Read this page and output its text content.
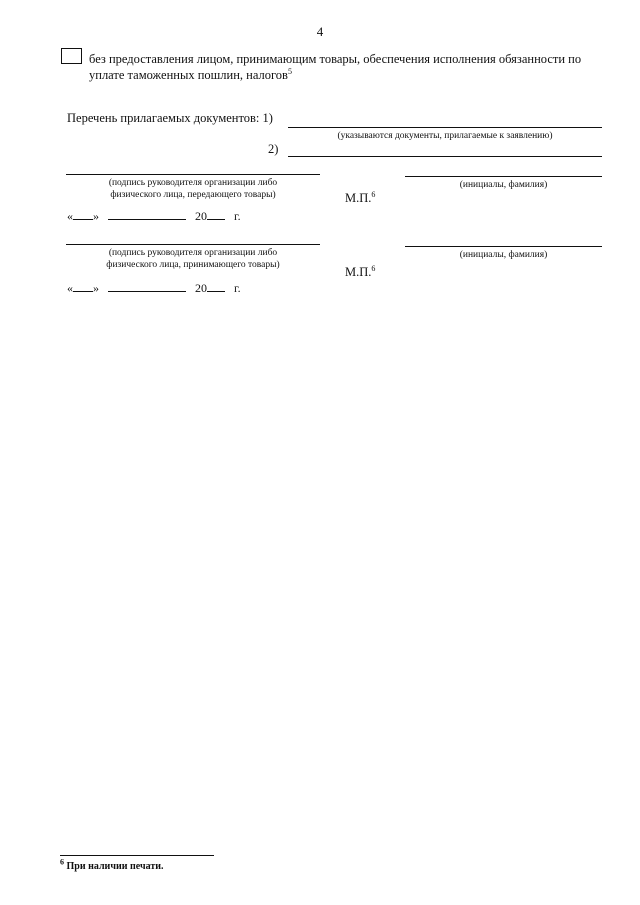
4
без предоставления лицом, принимающим товары, обеспечения исполнения обязанности по
уплате таможенных пошлин, налогов$^5$
Перечень прилагаемых документов: 1)
(указываются документы, прилагаемые к заявлению)
2)
(подпись руководителя организации либо
физического лица, передающего товары)	М.П.$^6$
(инициалы, фамилия)
« »	20 г.
(подпись руководителя организации либо
физического лица, принимающего товары)	М.П.$^6$
(инициалы, фамилия)
« »	20 г.
$^6$ При наличии печати.
